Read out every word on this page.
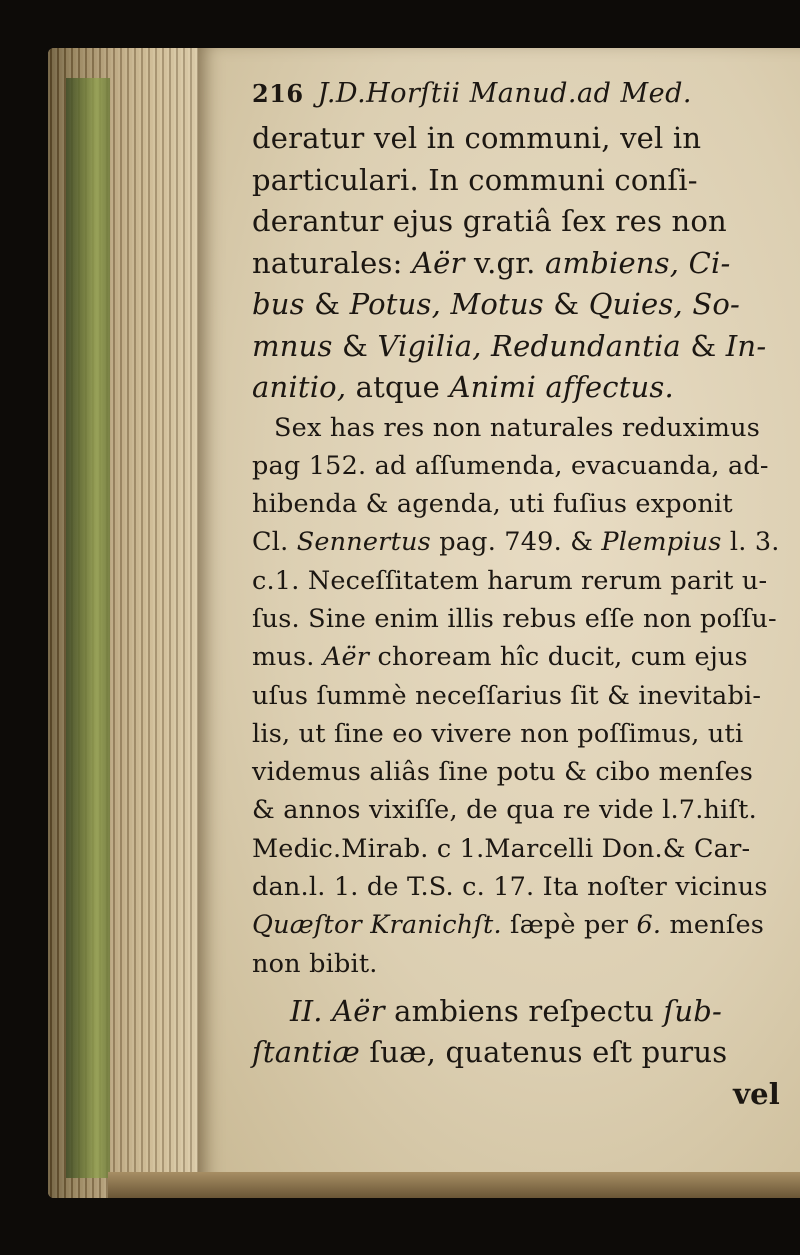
216 J.D.Horſtii Manud.ad Med.
deratur vel in communi, vel in
particulari. In communi conſi-
derantur ejus gratiâ ſex res non
naturales: Aër v.gr. ambiens, Ci-
bus & Potus, Motus & Quies, So-
mnus & Vigilia, Redundantia & In-
anitio, atque Animi affectus.
Sex has res non naturales reduximus
pag 152. ad aſſumenda, evacuanda, ad-
hibenda & agenda, uti fuſius exponit
Cl. Sennertus pag. 749. & Plempius l. 3.
c.1. Neceſſitatem harum rerum parit u-
ſus. Sine enim illis rebus eſſe non poſſu-
mus. Aër choream hîc ducit, cum ejus
uſus ſummè neceſſarius ſit & inevitabi-
lis, ut ſine eo vivere non poſſimus, uti
videmus aliâs ſine potu & cibo menſes
& annos vixiſſe, de qua re vide l.7.hiſt.
Medic.Mirab. c 1.Marcelli Don.& Car-
dan.l. 1. de T.S. c. 17. Ita noſter vicinus
Quæſtor Kranichſt. ſæpè per 6. menſes
non bibit.
II. Aër ambiens reſpectu ſub-
ſtantiæ ſuæ, quatenus eſt purus
vel
